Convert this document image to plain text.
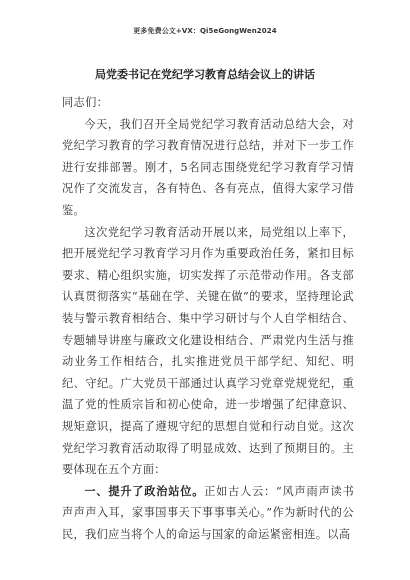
更多免费公文+VX：Qi5eGongWen2024
局党委书记在党纪学习教育总结会议上的讲话

同志们：

今天，我们召开全局党纪学习教育活动总结大会，对党纪学习教育的学习教育情况进行总结，并对下一步工作进行安排部署。刚才，5名同志围绕党纪学习教育学习情况作了交流发言，各有特色、各有亮点，值得大家学习借鉴。

这次党纪学习教育活动开展以来，局党组以上率下，把开展党纪学习教育学习月作为重要政治任务，紧扣目标要求、精心组织实施，切实发挥了示范带动作用。各支部认真贯彻落实“基础在学、关键在做”的要求，坚持理论武装与警示教育相结合、集中学习研讨与个人自学相结合、专题辅导讲座与廉政文化建设相结合、严肃党内生活与推动业务工作相结合，扎实推进党员干部学纪、知纪、明纪、守纪。广大党员干部通过认真学习党章党规党纪，重温了党的性质宗旨和初心使命，进一步增强了纪律意识、规矩意识，提高了遵规守纪的思想自觉和行动自觉。这次党纪学习教育活动取得了明显成效、达到了预期目的。主要体现在五个方面：

一、提升了政治站位。正如古人云：“风声雨声读书声声声入耳，家事国事天下事事事关心。”作为新时代的公民，我们应当将个人的命运与国家的命运紧密相连。以高
